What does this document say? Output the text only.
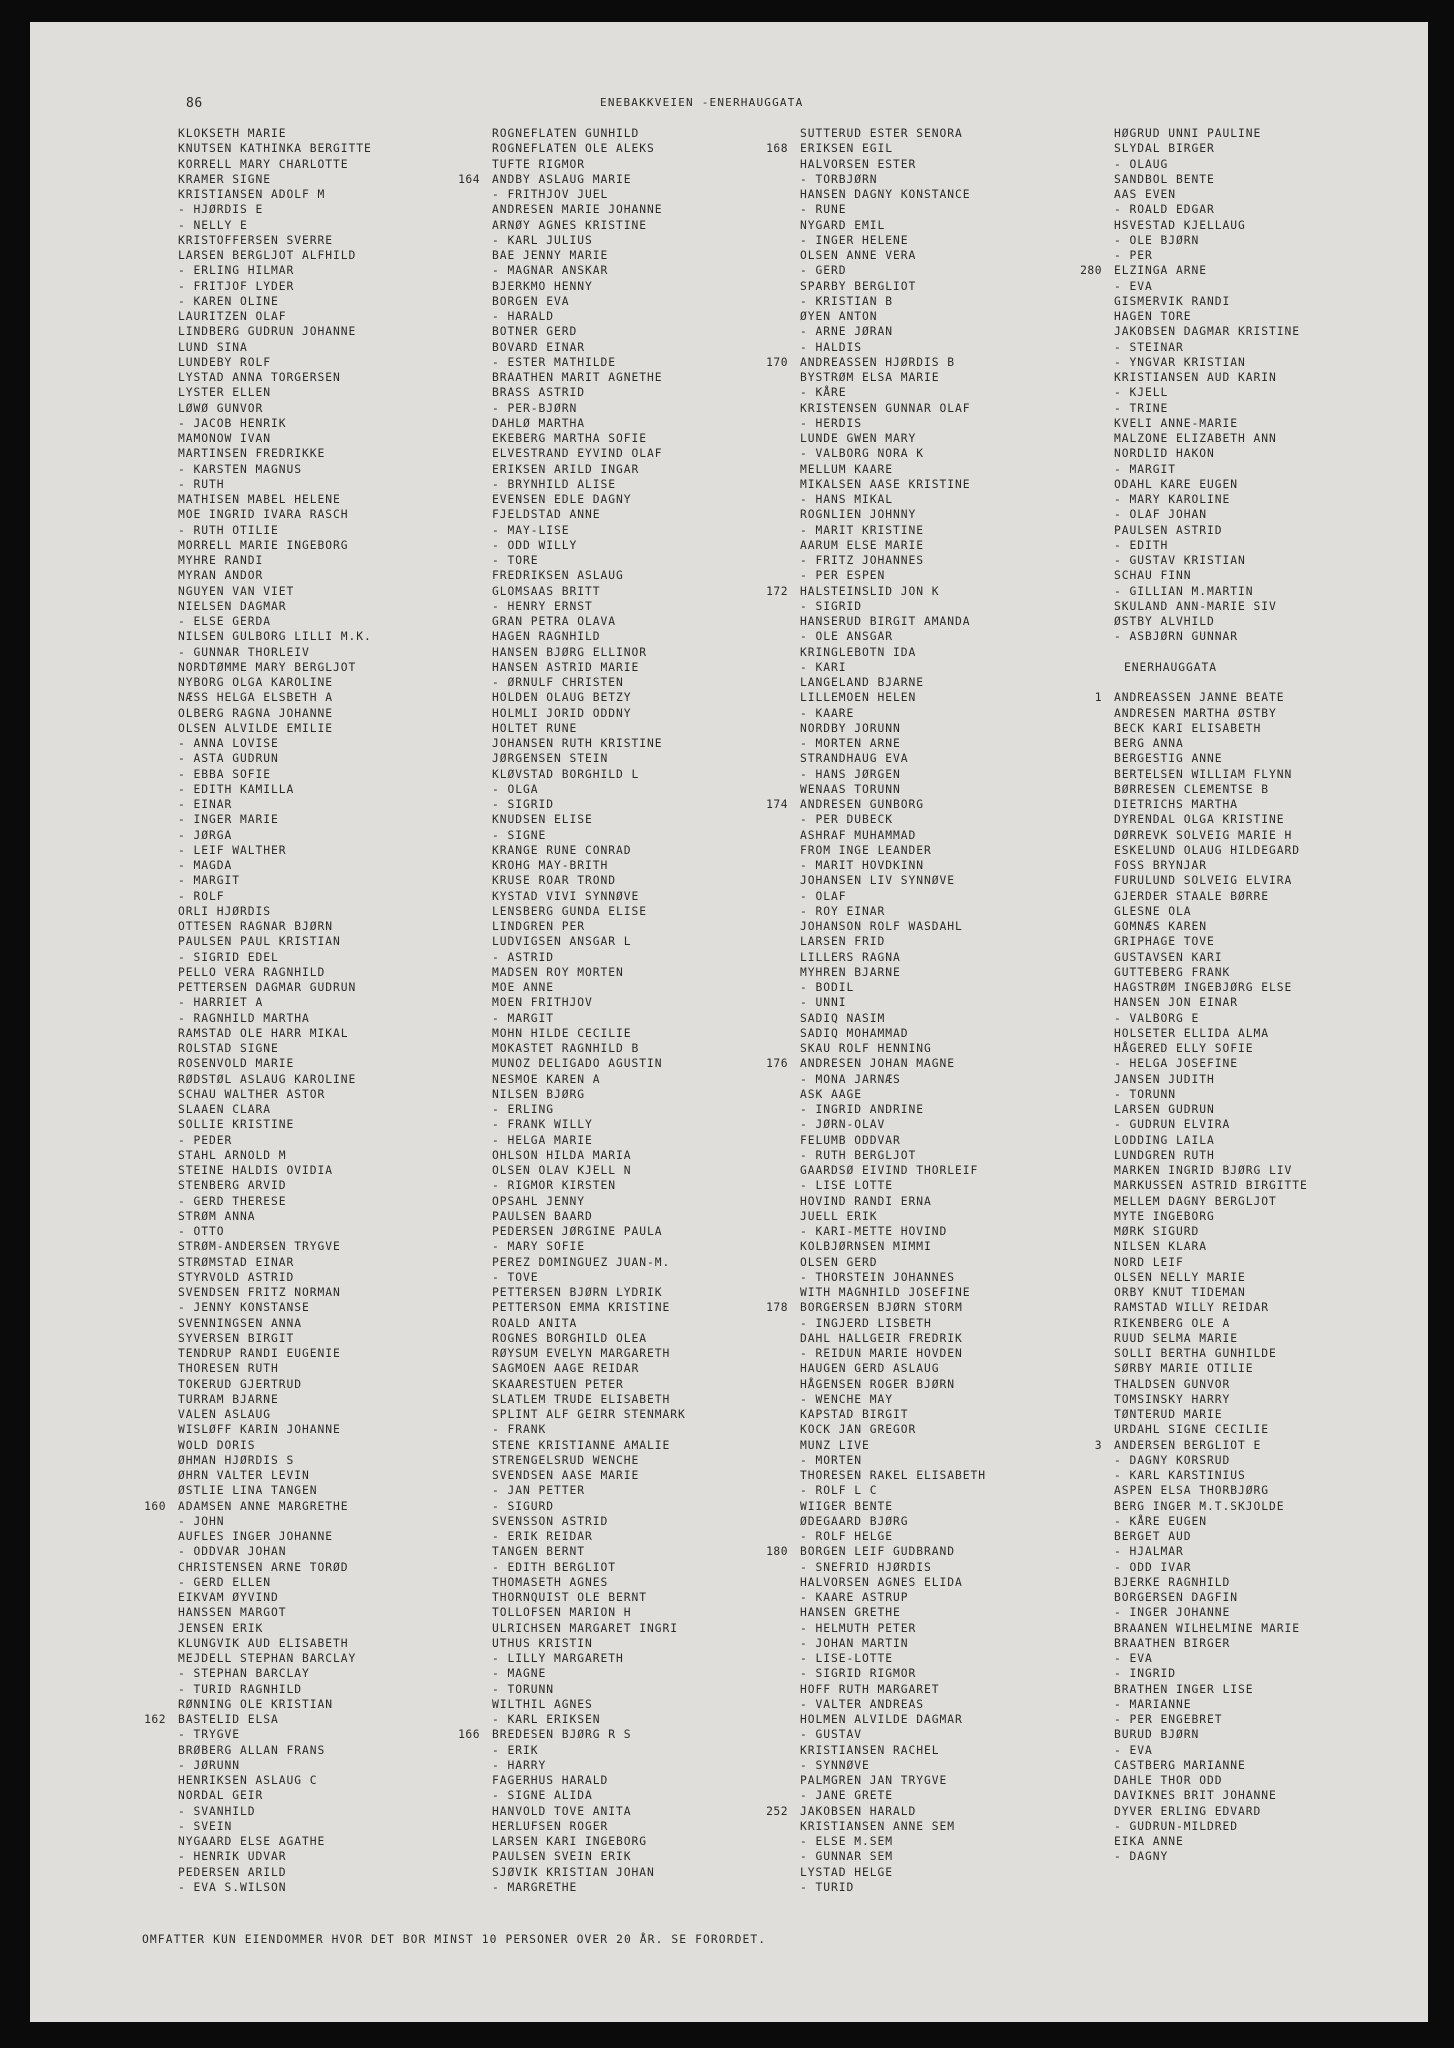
86	ENEBAKKVEIEN -ENERHAUGGATA
KLOKSETH MARIE
KNUTSEN KATHINKA BERGITTE
KORRELL MARY CHARLOTTE
KRAMER SIGNE
KRISTIANSEN ADOLF M
- HJØRDIS E
- NELLY E
KRISTOFFERSEN SVERRE
LARSEN BERGLJOT ALFHILD
- ERLING HILMAR
- FRITJOF LYDER
- KAREN OLINE
LAURITZEN OLAF
LINDBERG GUDRUN JOHANNE
LUND SINA
LUNDEBY ROLF
LYSTAD ANNA TORGERSEN
LYSTER ELLEN
LØWØ GUNVOR
- JACOB HENRIK
MAMONOW IVAN
MARTINSEN FREDRIKKE
- KARSTEN MAGNUS
- RUTH
MATHISEN MABEL HELENE
MOE INGRID IVARA RASCH
- RUTH OTILIE
MORRELL MARIE INGEBORG
MYHRE RANDI
MYRAN ANDOR
NGUYEN VAN VIET
NIELSEN DAGMAR
- ELSE GERDA
NILSEN GULBORG LILLI M.K.
- GUNNAR THORLEIV
NORDTØMME MARY BERGLJOT
NYBORG OLGA KAROLINE
NÆSS HELGA ELSBETH A
OLBERG RAGNA JOHANNE
OLSEN ALVILDE EMILIE
- ANNA LOVISE
- ASTA GUDRUN
- EBBA SOFIE
- EDITH KAMILLA
- EINAR
- INGER MARIE
- JØRGA
- LEIF WALTHER
- MAGDA
- MARGIT
- ROLF
ORLI HJØRDIS
OTTESEN RAGNAR BJØRN
PAULSEN PAUL KRISTIAN
- SIGRID EDEL
PELLO VERA RAGNHILD
PETTERSEN DAGMAR GUDRUN
- HARRIET A
- RAGNHILD MARTHA
RAMSTAD OLE HARR MIKAL
ROLSTAD SIGNE
ROSENVOLD MARIE
RØDSTØL ASLAUG KAROLINE
SCHAU WALTHER ASTOR
SLAAEN CLARA
SOLLIE KRISTINE
- PEDER
STAHL ARNOLD M
STEINE HALDIS OVIDIA
STENBERG ARVID
- GERD THERESE
STRØM ANNA
- OTTO
STRØM-ANDERSEN TRYGVE
STRØMSTAD EINAR
STYRVOLD ASTRID
SVENDSEN FRITZ NORMAN
- JENNY KONSTANSE
SVENNINGSEN ANNA
SYVERSEN BIRGIT
TENDRUP RANDI EUGENIE
THORESEN RUTH
TOKERUD GJERTRUD
TURRAM BJARNE
VALEN ASLAUG
WISLØFF KARIN JOHANNE
WOLD DORIS
ØHMAN HJØRDIS S
ØHRN VALTER LEVIN
ØSTLIE LINA TANGEN
160 ADAMSEN ANNE MARGRETHE
- JOHN
AUFLES INGER JOHANNE
- ODDVAR JOHAN
CHRISTENSEN ARNE TORØD
- GERD ELLEN
EIKVAM ØYVIND
HANSSEN MARGOT
JENSEN ERIK
KLUNGVIK AUD ELISABETH
MEJDELL STEPHAN BARCLAY
- STEPHAN BARCLAY
- TURID RAGNHILD
RØNNING OLE KRISTIAN
162 BASTELID ELSA
- TRYGVE
BRØBERG ALLAN FRANS
- JØRUNN
HENRIKSEN ASLAUG C
NORDAL GEIR
- SVANHILD
- SVEIN
NYGAARD ELSE AGATHE
- HENRIK UDVAR
PEDERSEN ARILD
- EVA S.WILSON
ROGNEFLATEN GUNHILD
ROGNEFLATEN OLE ALEKS
TUFTE RIGMOR
164 ANDBY ASLAUG MARIE
- FRITHJOV JUEL
ANDRESEN MARIE JOHANNE
ARNØY AGNES KRISTINE
- KARL JULIUS
BAE JENNY MARIE
- MAGNAR ANSKAR
BJERKMO HENNY
BORGEN EVA
- HARALD
BOTNER GERD
BOVARD EINAR
- ESTER MATHILDE
BRAATHEN MARIT AGNETHE
BRASS ASTRID
- PER-BJØRN
DAHLØ MARTHA
EKEBERG MARTHA SOFIE
ELVESTRAND EYVIND OLAF
ERIKSEN ARILD INGAR
- BRYNHILD ALISE
EVENSEN EDLE DAGNY
FJELDSTAD ANNE
- MAY-LISE
- ODD WILLY
- TORE
FREDRIKSEN ASLAUG
GLOMSAAS BRITT
- HENRY ERNST
GRAN PETRA OLAVA
HAGEN RAGNHILD
HANSEN BJØRG ELLINOR
HANSEN ASTRID MARIE
- ØRNULF CHRISTEN
HOLDEN OLAUG BETZY
HOLMLI JORID ODDNY
HOLTET RUNE
JOHANSEN RUTH KRISTINE
JØRGENSEN STEIN
KLØVSTAD BORGHILD L
- OLGA
- SIGRID
KNUDSEN ELISE
- SIGNE
KRANGE RUNE CONRAD
KROHG MAY-BRITH
KRUSE ROAR TROND
KYSTAD VIVI SYNNØVE
LENSBERG GUNDA ELISE
LINDGREN PER
LUDVIGSEN ANSGAR L
- ASTRID
MADSEN ROY MORTEN
MOE ANNE
MOEN FRITHJOV
- MARGIT
MOHN HILDE CECILIE
MOKASTET RAGNHILD B
MUNOZ DELIGADO AGUSTIN
NESMOE KAREN A
NILSEN BJØRG
- ERLING
- FRANK WILLY
- HELGA MARIE
OHLSON HILDA MARIA
OLSEN OLAV KJELL N
- RIGMOR KIRSTEN
OPSAHL JENNY
PAULSEN BAARD
PEDERSEN JØRGINE PAULA
- MARY SOFIE
PEREZ DOMINGUEZ JUAN-M.
- TOVE
PETTERSEN BJØRN LYDRIK
PETTERSON EMMA KRISTINE
ROALD ANITA
ROGNES BORGHILD OLEA
RØYSUM EVELYN MARGARETH
SAGMOEN AAGE REIDAR
SKAARESTUEN PETER
SLATLEM TRUDE ELISABETH
SPLINT ALF GEIRR STENMARK
- FRANK
STENE KRISTIANNE AMALIE
STRENGELSRUD WENCHE
SVENDSEN AASE MARIE
- JAN PETTER
- SIGURD
SVENSSON ASTRID
- ERIK REIDAR
TANGEN BERNT
- EDITH BERGLIOT
THOMASETH AGNES
THORNQUIST OLE BERNT
TOLLOFSEN MARION H
ULRICHSEN MARGARET INGRI
UTHUS KRISTIN
- LILLY MARGARETH
- MAGNE
- TORUNN
WILTHIL AGNES
- KARL ERIKSEN
166 BREDESEN BJØRG R S
- ERIK
- HARRY
FAGERHUS HARALD
- SIGNE ALIDA
HANVOLD TOVE ANITA
HERLUFSEN ROGER
LARSEN KARI INGEBORG
PAULSEN SVEIN ERIK
SJØVIK KRISTIAN JOHAN
- MARGRETHE
SUTTERUD ESTER SENORA
168 ERIKSEN EGIL
HALVORSEN ESTER
- TORBJØRN
HANSEN DAGNY KONSTANCE
- RUNE
NYGARD EMIL
- INGER HELENE
OLSEN ANNE VERA
- GERD
SPARBY BERGLIOT
- KRISTIAN B
ØYEN ANTON
- ARNE JØRAN
- HALDIS
170 ANDREASSEN HJØRDIS B
BYSTRØM ELSA MARIE
- KÅRE
KRISTENSEN GUNNAR OLAF
- HERDIS
LUNDE GWEN MARY
- VALBORG NORA K
MELLUM KAARE
MIKALSEN AASE KRISTINE
- HANS MIKAL
ROGNLIEN JOHNNY
- MARIT KRISTINE
AARUM ELSE MARIE
- FRITZ JOHANNES
- PER ESPEN
172 HALSTEINSLID JON K
- SIGRID
HANSERUD BIRGIT AMANDA
- OLE ANSGAR
KRINGLEBOTN IDA
- KARI
LANGELAND BJARNE
LILLEMOEN HELEN
- KAARE
NORDBY JORUNN
- MORTEN ARNE
STRANDHAUG EVA
- HANS JØRGEN
WENAAS TORUNN
174 ANDRESEN GUNBORG
- PER DUBECK
ASHRAF MUHAMMAD
FROM INGE LEANDER
- MARIT HOVDKINN
JOHANSEN LIV SYNNØVE
- OLAF
- ROY EINAR
JOHANSON ROLF WASDAHL
LARSEN FRID
LILLERS RAGNA
MYHREN BJARNE
- BODIL
- UNNI
SADIQ NASIM
SADIQ MOHAMMAD
SKAU ROLF HENNING
176 ANDRESEN JOHAN MAGNE
- MONA JARNÆS
ASK AAGE
- INGRID ANDRINE
- JØRN-OLAV
FELUMB ODDVAR
- RUTH BERGLJOT
GAARDSØ EIVIND THORLEIF
- LISE LOTTE
HOVIND RANDI ERNA
JUELL ERIK
- KARI-METTE HOVIND
KOLBJØRNSEN MIMMI
OLSEN GERD
- THORSTEIN JOHANNES
WITH MAGNHILD JOSEFINE
178 BORGERSEN BJØRN STORM
- INGJERD LISBETH
DAHL HALLGEIR FREDRIK
- REIDUN MARIE HOVDEN
HAUGEN GERD ASLAUG
HÅGENSEN ROGER BJØRN
- WENCHE MAY
KAPSTAD BIRGIT
KOCK JAN GREGOR
MUNZ LIVE
- MORTEN
THORESEN RAKEL ELISABETH
- ROLF L C
WIIGER BENTE
ØDEGAARD BJØRG
- ROLF HELGE
180 BORGEN LEIF GUDBRAND
- SNEFRID HJØRDIS
HALVORSEN AGNES ELIDA
- KAARE ASTRUP
HANSEN GRETHE
- HELMUTH PETER
- JOHAN MARTIN
- LISE-LOTTE
- SIGRID RIGMOR
HOFF RUTH MARGARET
- VALTER ANDREAS
HOLMEN ALVILDE DAGMAR
- GUSTAV
KRISTIANSEN RACHEL
- SYNNØVE
PALMGREN JAN TRYGVE
- JANE GRETE
252 JAKOBSEN HARALD
KRISTIANSEN ANNE SEM
- ELSE M.SEM
- GUNNAR SEM
LYSTAD HELGE
- TURID
HØGRUD UNNI PAULINE
SLYDAL BIRGER
- OLAUG
SANDBOL BENTE
AAS EVEN
- ROALD EDGAR
HSVESTAD KJELLAUG
- OLE BJØRN
- PER
280 ELZINGA ARNE
- EVA
GISMERVIK RANDI
HAGEN TORE
JAKOBSEN DAGMAR KRISTINE
- STEINAR
- YNGVAR KRISTIAN
KRISTIANSEN AUD KARIN
- KJELL
- TRINE
KVELI ANNE-MARIE
MALZONE ELIZABETH ANN
NORDLID HAKON
- MARGIT
ODAHL KARE EUGEN
- MARY KAROLINE
- OLAF JOHAN
PAULSEN ASTRID
- EDITH
- GUSTAV KRISTIAN
SCHAU FINN
- GILLIAN M.MARTIN
SKULAND ANN-MARIE SIV
ØSTBY ALVHILD
- ASBJØRN GUNNAR
ENERHAUGGATA
1 ANDREASSEN JANNE BEATE
ANDRESEN MARTHA ØSTBY
BECK KARI ELISABETH
BERG ANNA
BERGESTIG ANNE
BERTELSEN WILLIAM FLYNN
BØRRESEN CLEMENTSE B
DIETRICHS MARTHA
DYRENDAL OLGA KRISTINE
DØRREVK SOLVEIG MARIE H
ESKELUND OLAUG HILDEGARD
FOSS BRYNJAR
FURULUND SOLVEIG ELVIRA
GJERDER STAALE BØRRE
GLESNE OLA
GOMNÆS KAREN
GRIPHAGE TOVE
GUSTAVSEN KARI
GUTTEBERG FRANK
HAGSTRØM INGEBJØRG ELSE
HANSEN JON EINAR
- VALBORG E
HOLSETER ELLIDA ALMA
HÅGERED ELLY SOFIE
- HELGA JOSEFINE
JANSEN JUDITH
- TORUNN
LARSEN GUDRUN
- GUDRUN ELVIRA
LODDING LAILA
LUNDGREN RUTH
MARKEN INGRID BJØRG LIV
MARKUSSEN ASTRID BIRGITTE
MELLEM DAGNY BERGLJOT
MYTE INGEBORG
MØRK SIGURD
NILSEN KLARA
NORD LEIF
OLSEN NELLY MARIE
ORBY KNUT TIDEMAN
RAMSTAD WILLY REIDAR
RIKENBERG OLE A
RUUD SELMA MARIE
SOLLI BERTHA GUNHILDE
SØRBY MARIE OTILIE
THALDSEN GUNVOR
TOMSINSKY HARRY
TØNTERUD MARIE
URDAHL SIGNE CECILIE
3 ANDERSEN BERGLIOT E
- DAGNY KORSRUD
- KARL KARSTINIUS
ASPEN ELSA THORBJØRG
BERG INGER M.T.SKJOLDE
- KÅRE EUGEN
BERGET AUD
- HJALMAR
- ODD IVAR
BJERKE RAGNHILD
BORGERSEN DAGFIN
- INGER JOHANNE
BRAANEN WILHELMINE MARIE
BRAATHEN BIRGER
- EVA
- INGRID
BRATHEN INGER LISE
- MARIANNE
- PER ENGEBRET
BURUD BJØRN
- EVA
CASTBERG MARIANNE
DAHLE THOR ODD
DAVIKNES BRIT JOHANNE
DYVER ERLING EDVARD
- GUDRUN-MILDRED
EIKA ANNE
- DAGNY
OMFATTER KUN EIENDOMMER HVOR DET BOR MINST 10 PERSONER OVER 20 ÅR. SE FORORDET.
